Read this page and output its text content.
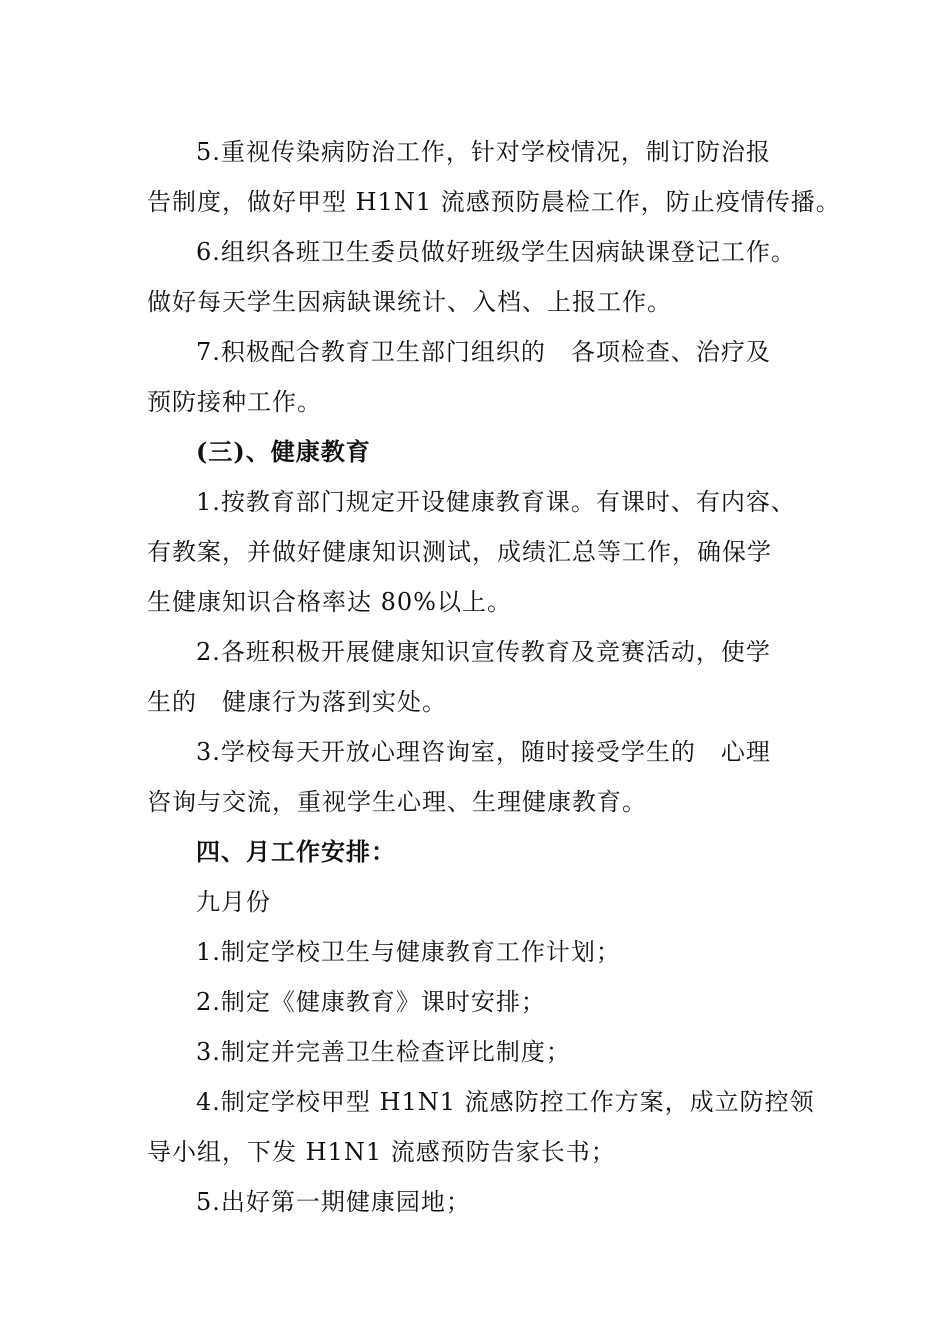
5.重视传染病防治工作，针对学校情况，制订防治报
告制度，做好甲型 H1N1 流感预防晨检工作，防止疫情传播。
6.组织各班卫生委员做好班级学生因病缺课登记工作。
做好每天学生因病缺课统计、入档、上报工作。
7.积极配合教育卫生部门组织的　各项检查、治疗及
预防接种工作。
(三)、健康教育
1.按教育部门规定开设健康教育课。有课时、有内容、
有教案，并做好健康知识测试，成绩汇总等工作，确保学
生健康知识合格率达 80%以上。
2.各班积极开展健康知识宣传教育及竞赛活动，使学
生的　健康行为落到实处。
3.学校每天开放心理咨询室，随时接受学生的　心理
咨询与交流，重视学生心理、生理健康教育。
四、月工作安排：
九月份
1.制定学校卫生与健康教育工作计划；
2.制定《健康教育》课时安排；
3.制定并完善卫生检查评比制度；
4.制定学校甲型 H1N1 流感防控工作方案，成立防控领
导小组，下发 H1N1 流感预防告家长书；
5.出好第一期健康园地；
